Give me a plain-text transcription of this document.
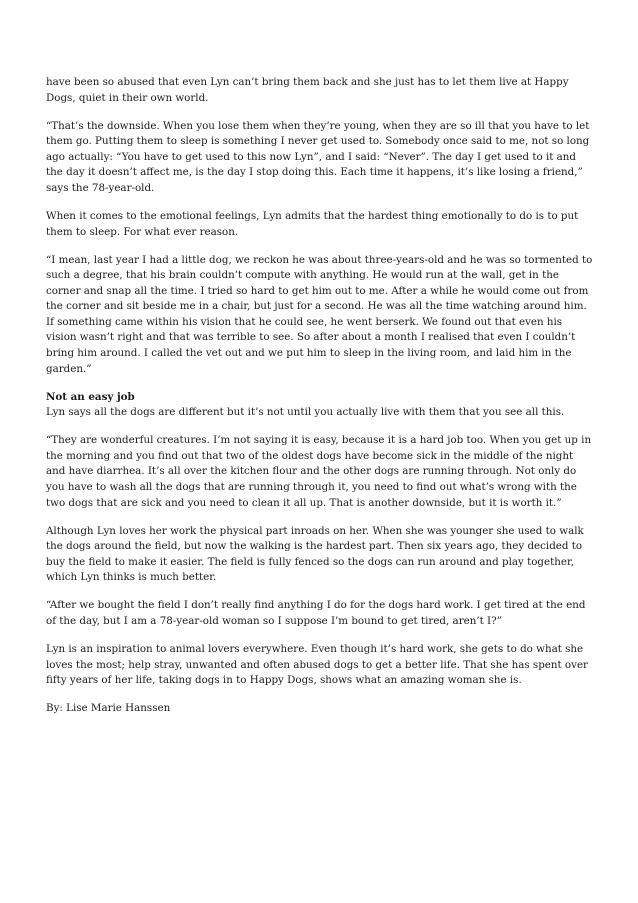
have been so abused that even Lyn can’t bring them back and she just has to let them live at Happy Dogs, quiet in their own world.

“That’s the downside. When you lose them when they’re young, when they are so ill that you have to let them go. Putting them to sleep is something I never get used to. Somebody once said to me, not so long ago actually: “You have to get used to this now Lyn”, and I said: “Never”. The day I get used to it and the day it doesn’t affect me, is the day I stop doing this. Each time it happens, it’s like losing a friend,” says the 78-year-old.

When it comes to the emotional feelings, Lyn admits that the hardest thing emotionally to do is to put them to sleep. For what ever reason.

“I mean, last year I had a little dog, we reckon he was about three-years-old and he was so tormented to such a degree, that his brain couldn’t compute with anything. He would run at the wall, get in the corner and snap all the time. I tried so hard to get him out to me. After a while he would come out from the corner and sit beside me in a chair, but just for a second. He was all the time watching around him. If something came within his vision that he could see, he went berserk. We found out that even his vision wasn’t right and that was terrible to see. So after about a month I realised that even I couldn’t bring him around. I called the vet out and we put him to sleep in the living room, and laid him in the garden.”

Not an easy job
Lyn says all the dogs are different but it’s not until you actually live with them that you see all this.

“They are wonderful creatures. I’m not saying it is easy, because it is a hard job too. When you get up in the morning and you find out that two of the oldest dogs have become sick in the middle of the night and have diarrhea. It’s all over the kitchen flour and the other dogs are running through. Not only do you have to wash all the dogs that are running through it, you need to find out what’s wrong with the two dogs that are sick and you need to clean it all up. That is another downside, but it is worth it.”

Although Lyn loves her work the physical part inroads on her. When she was younger she used to walk the dogs around the field, but now the walking is the hardest part. Then six years ago, they decided to buy the field to make it easier. The field is fully fenced so the dogs can run around and play together, which Lyn thinks is much better.

“After we bought the field I don’t really find anything I do for the dogs hard work. I get tired at the end of the day, but I am a 78-year-old woman so I suppose I’m bound to get tired, aren’t I?”

Lyn is an inspiration to animal lovers everywhere. Even though it’s hard work, she gets to do what she loves the most; help stray, unwanted and often abused dogs to get a better life. That she has spent over fifty years of her life, taking dogs in to Happy Dogs, shows what an amazing woman she is.

By: Lise Marie Hanssen
